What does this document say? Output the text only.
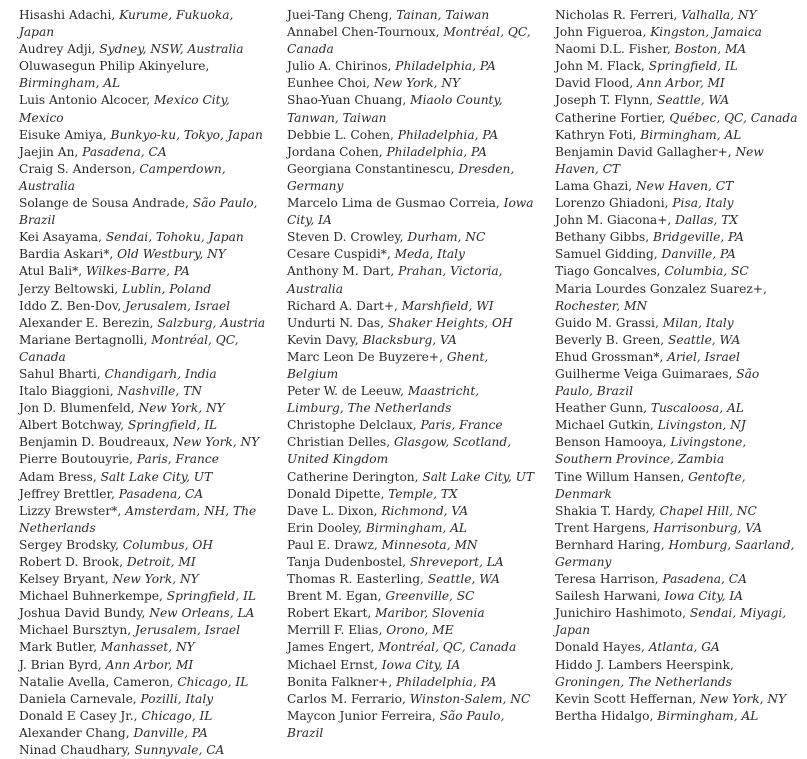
Hisashi Adachi, Kurume, Fukuoka, Japan
Audrey Adji, Sydney, NSW, Australia
Oluwasegun Philip Akinyelure, Birmingham, AL
Luis Antonio Alcocer, Mexico City, Mexico
Eisuke Amiya, Bunkyo-ku, Tokyo, Japan
Jaejin An, Pasadena, CA
Craig S. Anderson, Camperdown, Australia
Solange de Sousa Andrade, São Paulo, Brazil
Kei Asayama, Sendai, Tohoku, Japan
Bardia Askari*, Old Westbury, NY
Atul Bali*, Wilkes-Barre, PA
Jerzy Beltowski, Lublin, Poland
Iddo Z. Ben-Dov, Jerusalem, Israel
Alexander E. Berezin, Salzburg, Austria
Mariane Bertagnolli, Montréal, QC, Canada
Sahul Bharti, Chandigarh, India
Italo Biaggioni, Nashville, TN
Jon D. Blumenfeld, New York, NY
Albert Botchway, Springfield, IL
Benjamin D. Boudreaux, New York, NY
Pierre Boutouyrie, Paris, France
Adam Bress, Salt Lake City, UT
Jeffrey Brettler, Pasadena, CA
Lizzy Brewster*, Amsterdam, NH, The Netherlands
Sergey Brodsky, Columbus, OH
Robert D. Brook, Detroit, MI
Kelsey Bryant, New York, NY
Michael Buhnerkempe, Springfield, IL
Joshua David Bundy, New Orleans, LA
Michael Bursztyn, Jerusalem, Israel
Mark Butler, Manhasset, NY
J. Brian Byrd, Ann Arbor, MI
Natalie Avella, Cameron, Chicago, IL
Daniela Carnevale, Pozilli, Italy
Donald E Casey Jr., Chicago, IL
Alexander Chang, Danville, PA
Ninad Chaudhary, Sunnyvale, CA
Juei-Tang Cheng, Tainan, Taiwan
Annabel Chen-Tournoux, Montréal, QC, Canada
Julio A. Chirinos, Philadelphia, PA
Eunhee Choi, New York, NY
Shao-Yuan Chuang, Miaolo County, Tanwan, Taiwan
Debbie L. Cohen, Philadelphia, PA
Jordana Cohen, Philadelphia, PA
Georgiana Constantinescu, Dresden, Germany
Marcelo Lima de Gusmao Correia, Iowa City, IA
Steven D. Crowley, Durham, NC
Cesare Cuspidi*, Meda, Italy
Anthony M. Dart, Prahan, Victoria, Australia
Richard A. Dart+, Marshfield, WI
Undurti N. Das, Shaker Heights, OH
Kevin Davy, Blacksburg, VA
Marc Leon De Buyzere+, Ghent, Belgium
Peter W. de Leeuw, Maastricht, Limburg, The Netherlands
Christophe Delclaux, Paris, France
Christian Delles, Glasgow, Scotland, United Kingdom
Catherine Derington, Salt Lake City, UT
Donald Dipette, Temple, TX
Dave L. Dixon, Richmond, VA
Erin Dooley, Birmingham, AL
Paul E. Drawz, Minnesota, MN
Tanja Dudenbostel, Shreveport, LA
Thomas R. Easterling, Seattle, WA
Brent M. Egan, Greenville, SC
Robert Ekart, Maribor, Slovenia
Merrill F. Elias, Orono, ME
James Engert, Montréal, QC, Canada
Michael Ernst, Iowa City, IA
Bonita Falkner+, Philadelphia, PA
Carlos M. Ferrario, Winston-Salem, NC
Maycon Junior Ferreira, São Paulo, Brazil
Nicholas R. Ferreri, Valhalla, NY
John Figueroa, Kingston, Jamaica
Naomi D.L. Fisher, Boston, MA
John M. Flack, Springfield, IL
David Flood, Ann Arbor, MI
Joseph T. Flynn, Seattle, WA
Catherine Fortier, Québec, QC, Canada
Kathryn Foti, Birmingham, AL
Benjamin David Gallagher+, New Haven, CT
Lama Ghazi, New Haven, CT
Lorenzo Ghiadoni, Pisa, Italy
John M. Giacona+, Dallas, TX
Bethany Gibbs, Bridgeville, PA
Samuel Gidding, Danville, PA
Tiago Goncalves, Columbia, SC
Maria Lourdes Gonzalez Suarez+, Rochester, MN
Guido M. Grassi, Milan, Italy
Beverly B. Green, Seattle, WA
Ehud Grossman*, Ariel, Israel
Guilherme Veiga Guimaraes, São Paulo, Brazil
Heather Gunn, Tuscaloosa, AL
Michael Gutkin, Livingston, NJ
Benson Hamooya, Livingstone, Southern Province, Zambia
Tine Willum Hansen, Gentofte, Denmark
Shakia T. Hardy, Chapel Hill, NC
Trent Hargens, Harrisonburg, VA
Bernhard Haring, Homburg, Saarland, Germany
Teresa Harrison, Pasadena, CA
Sailesh Harwani, Iowa City, IA
Junichiro Hashimoto, Sendai, Miyagi, Japan
Donald Hayes, Atlanta, GA
Hiddo J. Lambers Heerspink, Groningen, The Netherlands
Kevin Scott Heffernan, New York, NY
Bertha Hidalgo, Birmingham, AL
